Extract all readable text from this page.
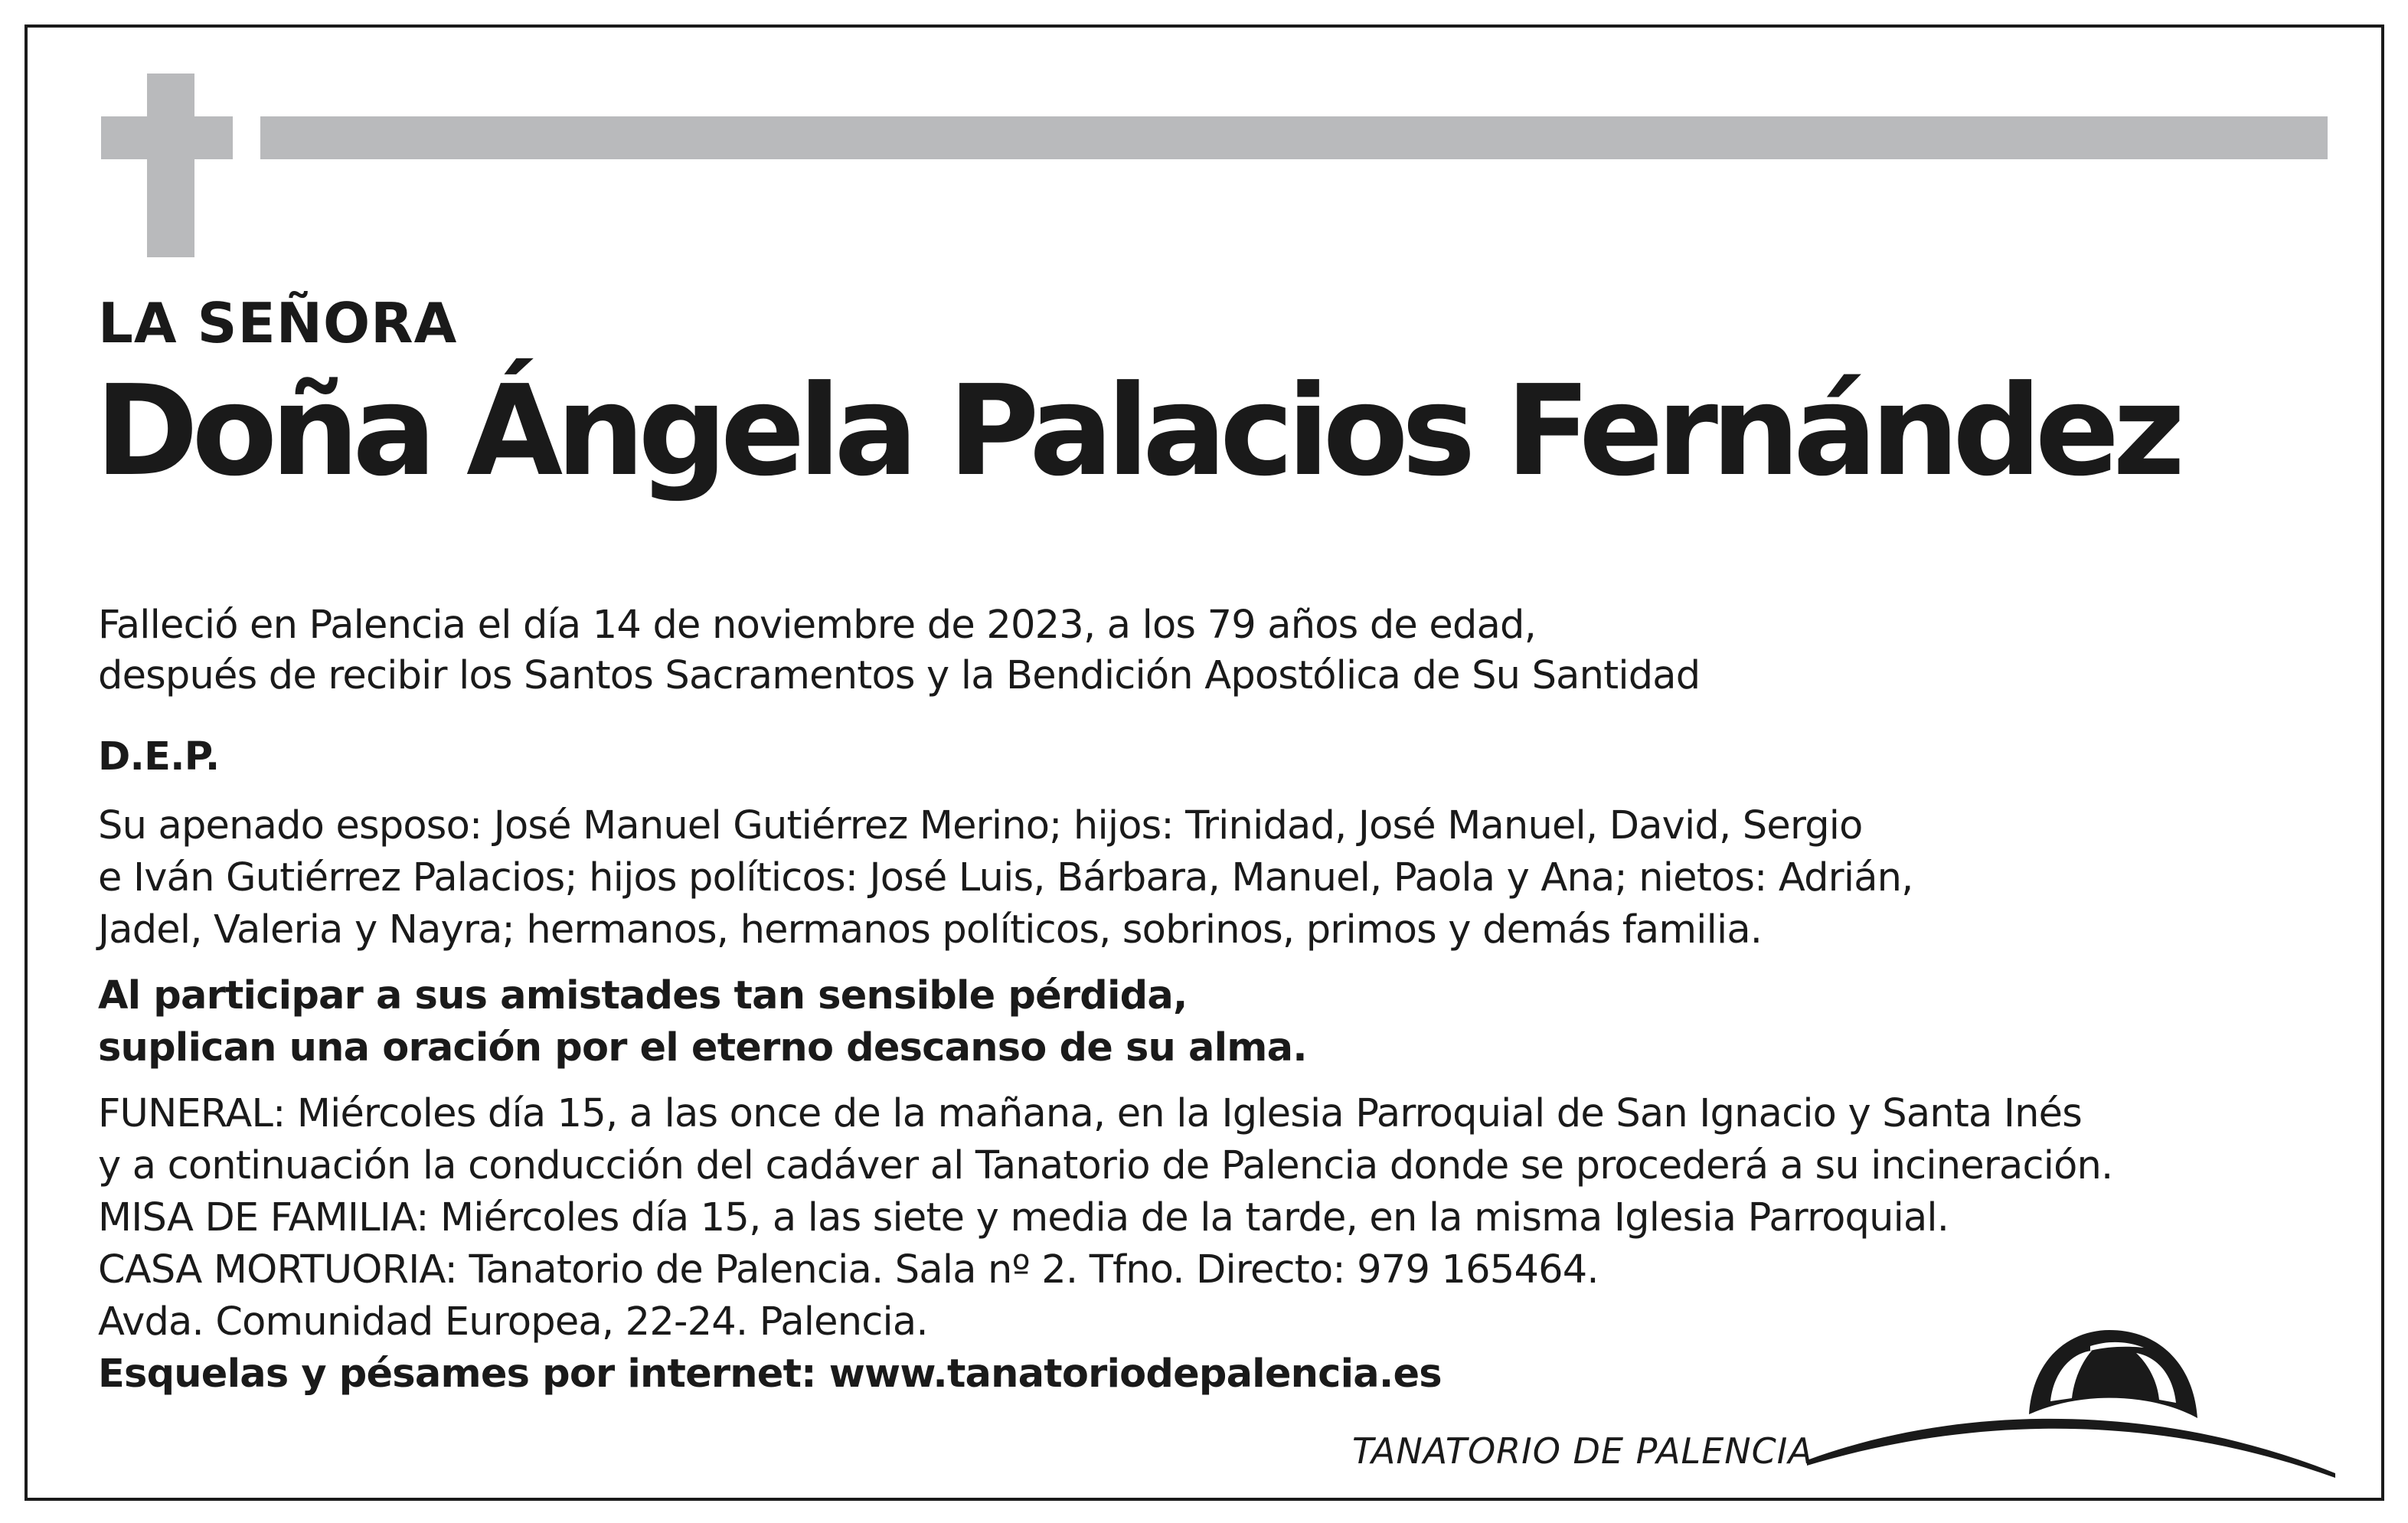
LA SEÑORA
Doña Ángela Palacios Fernández
Falleció en Palencia el día 14 de noviembre de 2023, a los 79 años de edad,
después de recibir los Santos Sacramentos y la Bendición Apostólica de Su Santidad
D.E.P.
Su apenado esposo: José Manuel Gutiérrez Merino; hijos: Trinidad, José Manuel, David, Sergio
e Iván Gutiérrez Palacios; hijos políticos: José Luis, Bárbara, Manuel, Paola y Ana; nietos: Adrián,
Jadel, Valeria y Nayra; hermanos, hermanos políticos, sobrinos, primos y demás familia.
Al participar a sus amistades tan sensible pérdida,
suplican una oración por el eterno descanso de su alma.
FUNERAL: Miércoles día 15, a las once de la mañana, en la Iglesia Parroquial de San Ignacio y Santa Inés
y a continuación la conducción del cadáver al Tanatorio de Palencia donde se procederá a su incineración.
MISA DE FAMILIA: Miércoles día 15, a las siete y media de la tarde, en la misma Iglesia Parroquial.
CASA MORTUORIA: Tanatorio de Palencia. Sala nº 2. Tfno. Directo: 979 165464.
Avda. Comunidad Europea, 22-24. Palencia.
Esquelas y pésames por internet: www.tanatoriodepalencia.es
TANATORIO DE PALENCIA
